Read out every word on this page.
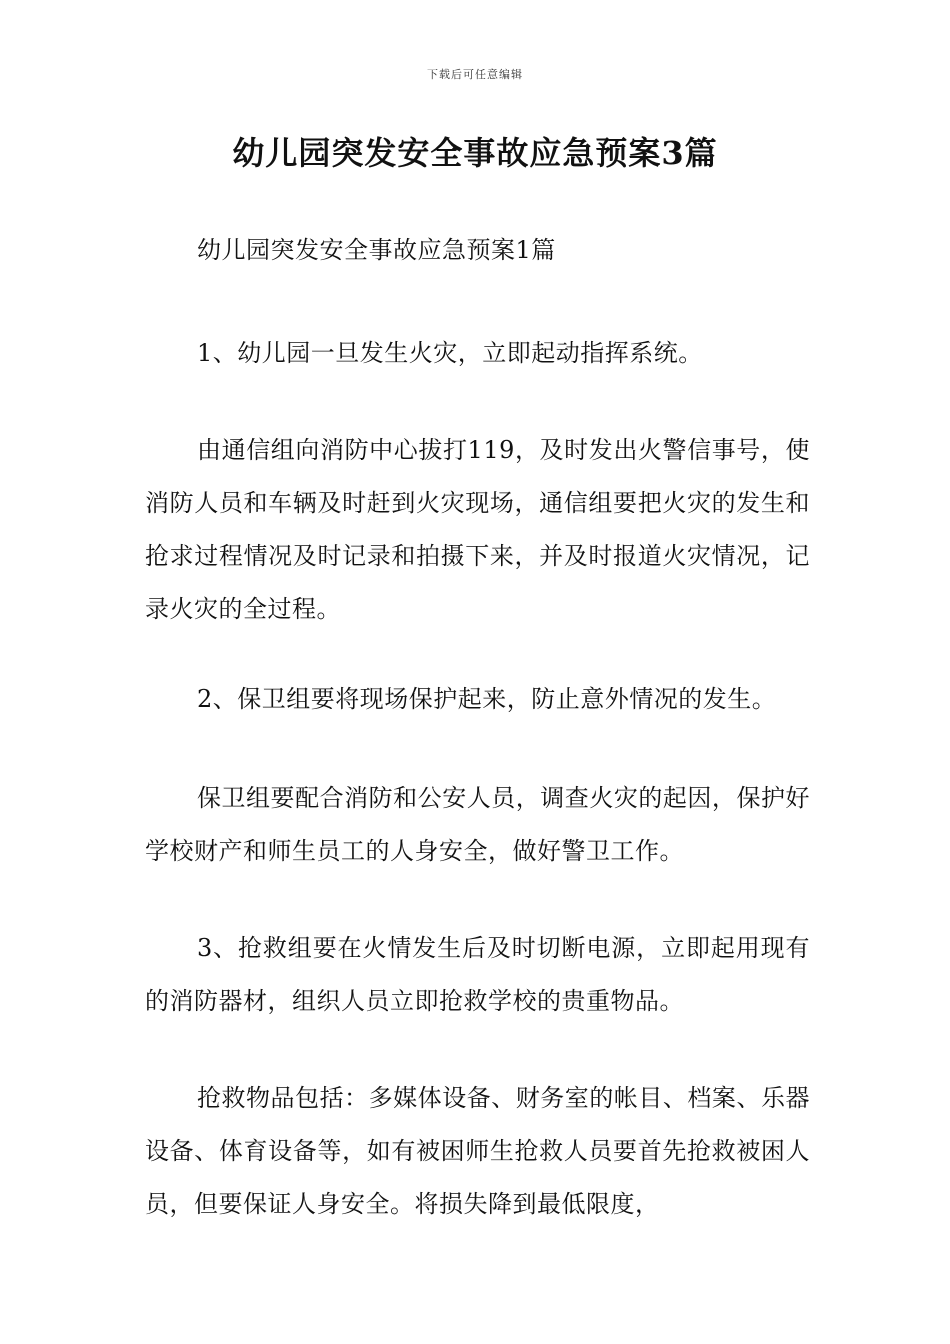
下载后可任意编辑
幼儿园突发安全事故应急预案3篇

幼儿园突发安全事故应急预案1篇

1、幼儿园一旦发生火灾，立即起动指挥系统。

由通信组向消防中心拔打119，及时发出火警信事号，使消防人员和车辆及时赶到火灾现场，通信组要把火灾的发生和抢求过程情况及时记录和拍摄下来，并及时报道火灾情况，记录火灾的全过程。

2、保卫组要将现场保护起来，防止意外情况的发生。

保卫组要配合消防和公安人员，调查火灾的起因，保护好学校财产和师生员工的人身安全，做好警卫工作。

3、抢救组要在火情发生后及时切断电源，立即起用现有的消防器材，组织人员立即抢救学校的贵重物品。

抢救物品包括：多媒体设备、财务室的帐目、档案、乐器设备、体育设备等，如有被困师生抢救人员要首先抢救被困人员，但要保证人身安全。将损失降到最低限度，
